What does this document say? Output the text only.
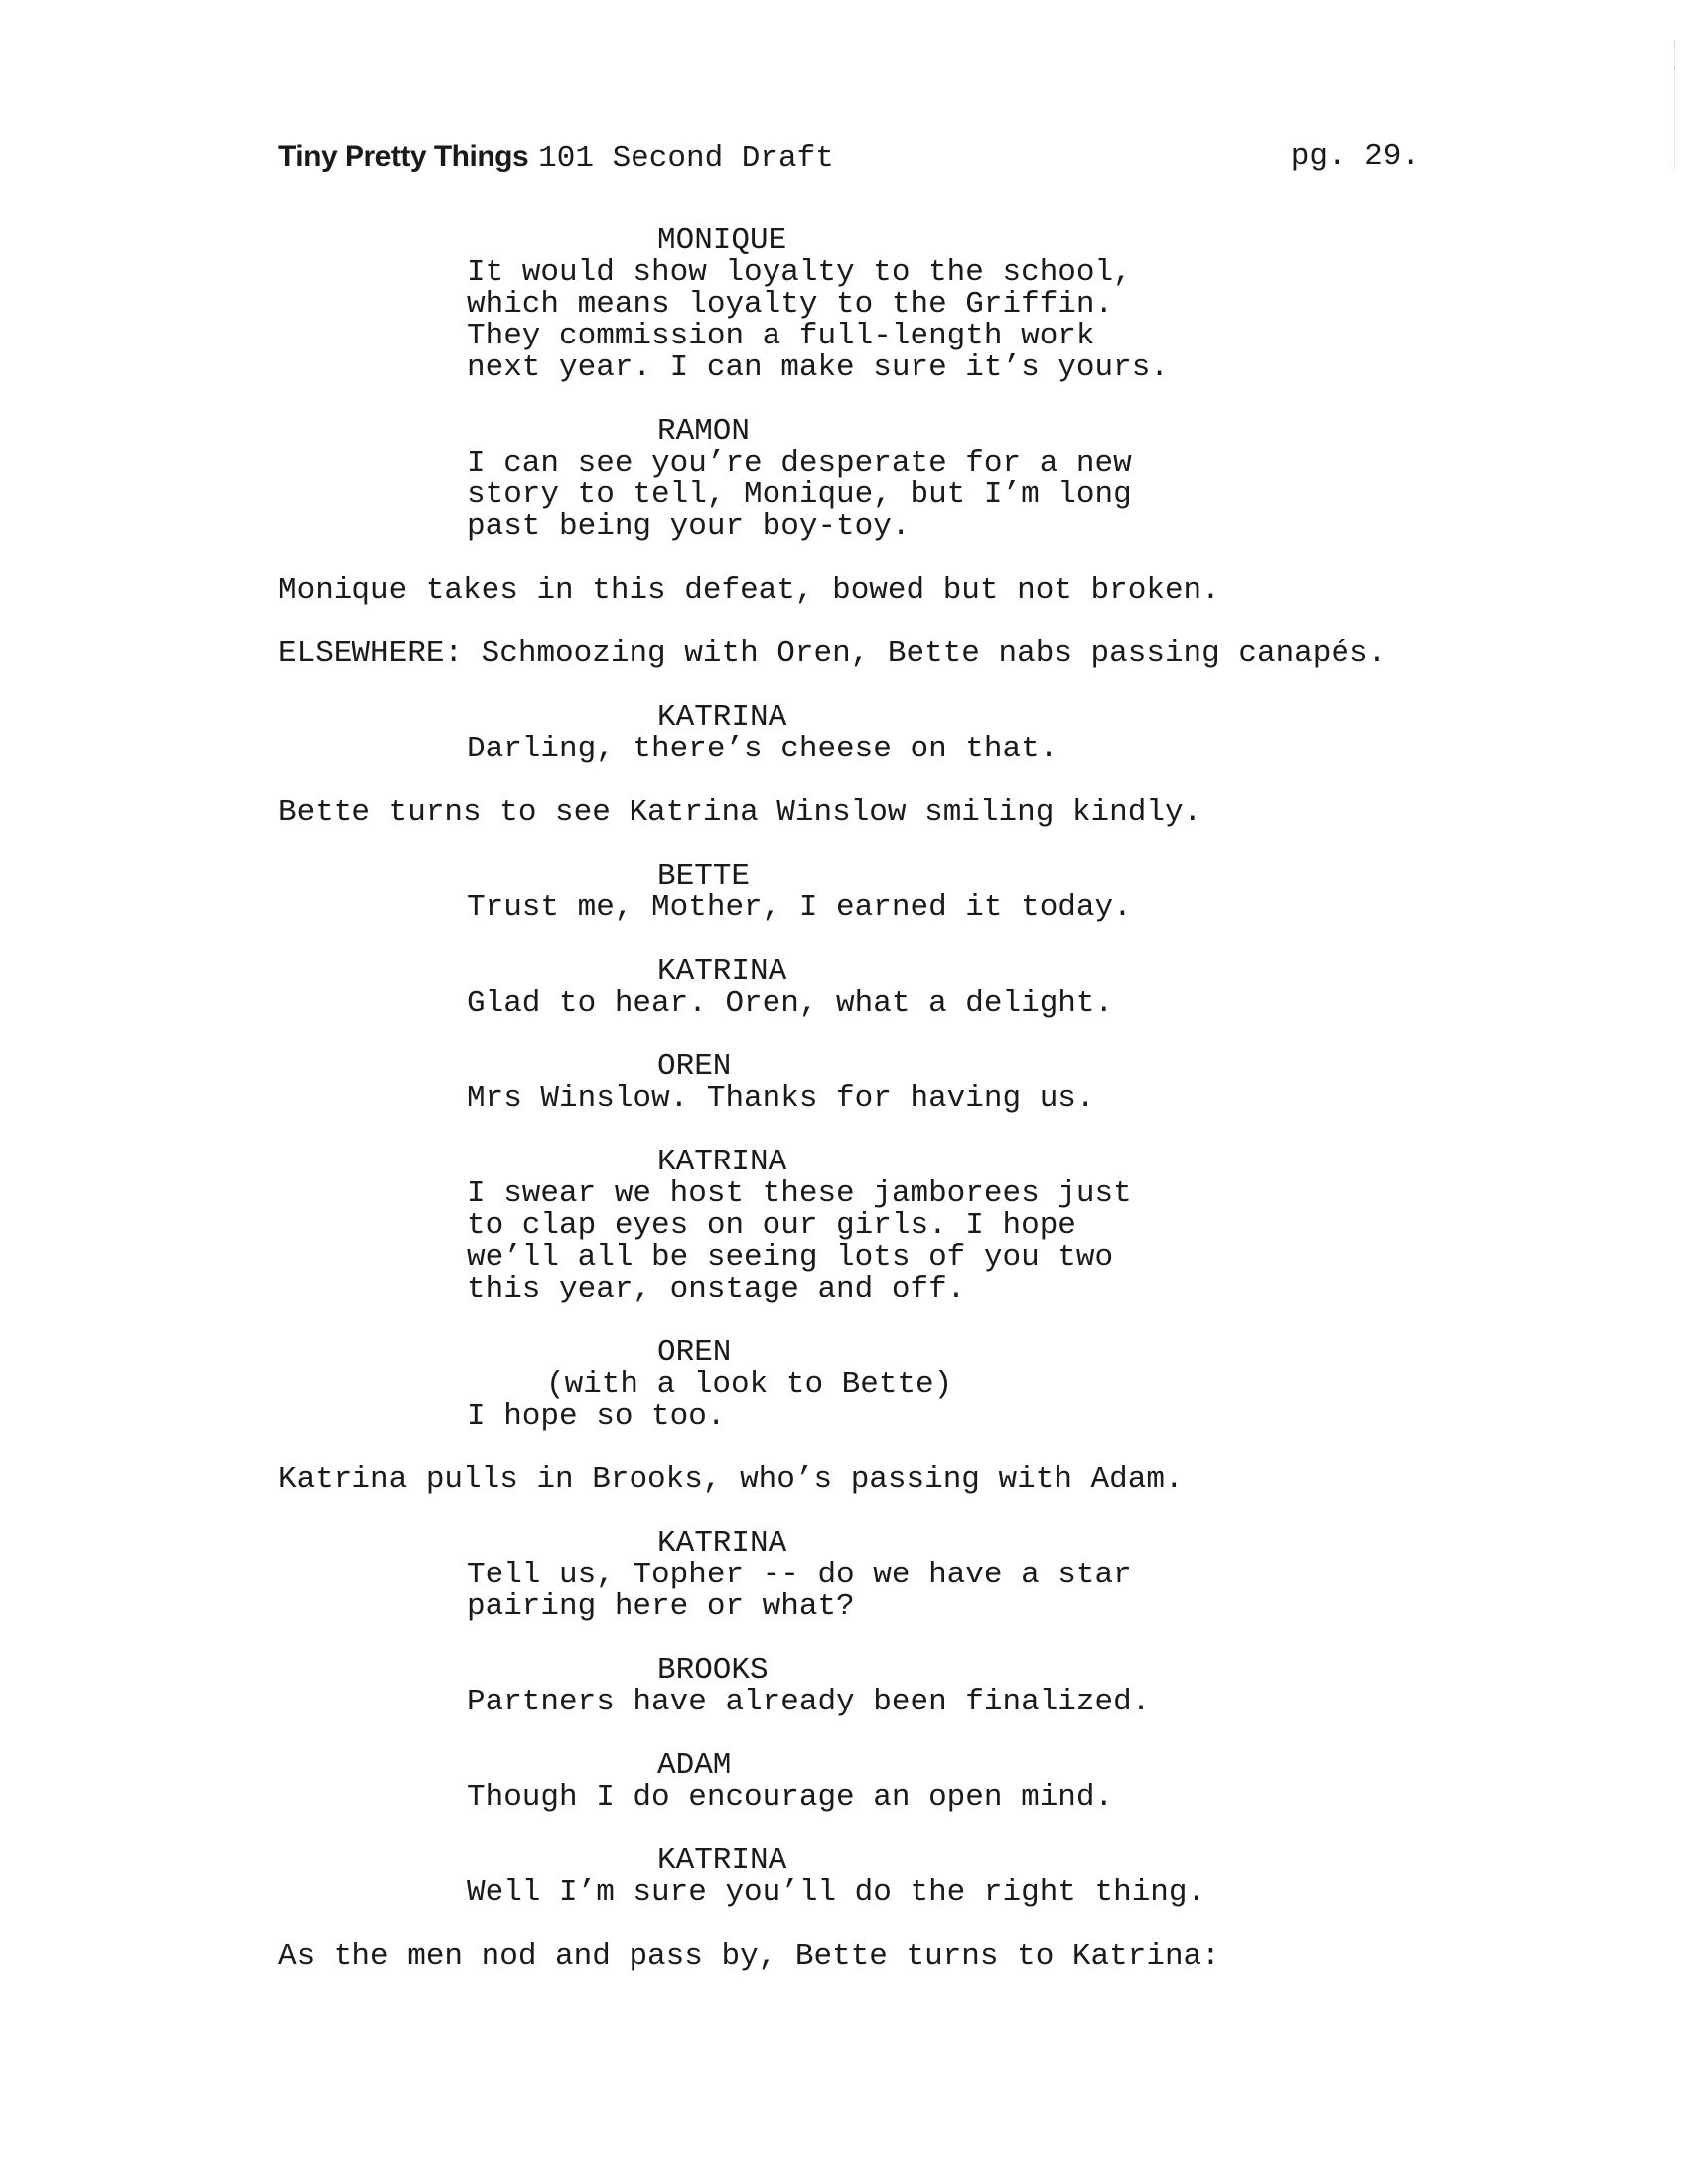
Tiny Pretty Things 101 Second Draft	pg. 29.
MONIQUE
It would show loyalty to the school,
which means loyalty to the Griffin.
They commission a full-length work
next year. I can make sure it’s yours.
RAMON
I can see you’re desperate for a new
story to tell, Monique, but I’m long
past being your boy-toy.
Monique takes in this defeat, bowed but not broken.
ELSEWHERE: Schmoozing with Oren, Bette nabs passing canapés.
KATRINA
Darling, there’s cheese on that.
Bette turns to see Katrina Winslow smiling kindly.
BETTE
Trust me, Mother, I earned it today.
KATRINA
Glad to hear. Oren, what a delight.
OREN
Mrs Winslow. Thanks for having us.
KATRINA
I swear we host these jamborees just
to clap eyes on our girls. I hope
we’ll all be seeing lots of you two
this year, onstage and off.
OREN
(with a look to Bette)
I hope so too.
Katrina pulls in Brooks, who’s passing with Adam.
KATRINA
Tell us, Topher -- do we have a star
pairing here or what?
BROOKS
Partners have already been finalized.
ADAM
Though I do encourage an open mind.
KATRINA
Well I’m sure you’ll do the right thing.
As the men nod and pass by, Bette turns to Katrina:
